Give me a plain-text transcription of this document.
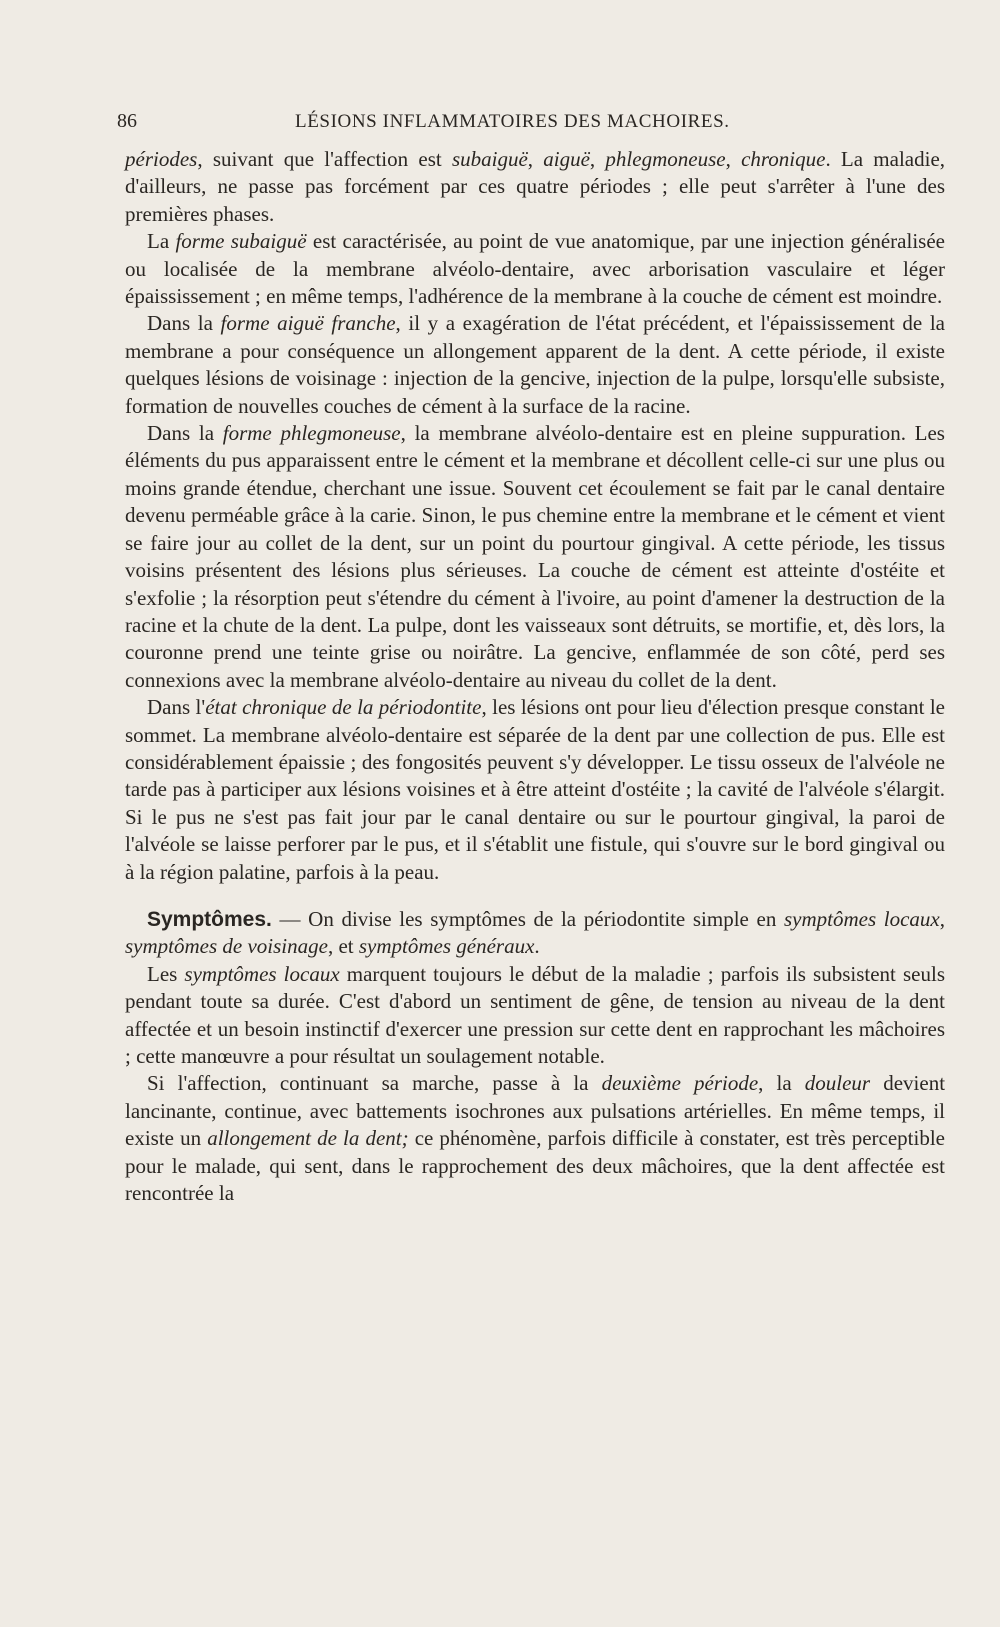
86	LÉSIONS INFLAMMATOIRES DES MACHOIRES.

périodes, suivant que l'affection est subaiguë, aiguë, phlegmoneuse, chronique. La maladie, d'ailleurs, ne passe pas forcément par ces quatre périodes ; elle peut s'arrêter à l'une des premières phases.

La forme subaiguë est caractérisée, au point de vue anatomique, par une injection généralisée ou localisée de la membrane alvéolo-dentaire, avec arborisation vasculaire et léger épaississement ; en même temps, l'adhérence de la membrane à la couche de cément est moindre.

Dans la forme aiguë franche, il y a exagération de l'état précédent, et l'épaississement de la membrane a pour conséquence un allongement apparent de la dent. A cette période, il existe quelques lésions de voisinage : injection de la gencive, injection de la pulpe, lorsqu'elle subsiste, formation de nouvelles couches de cément à la surface de la racine.

Dans la forme phlegmoneuse, la membrane alvéolo-dentaire est en pleine suppuration. Les éléments du pus apparaissent entre le cément et la membrane et décollent celle-ci sur une plus ou moins grande étendue, cherchant une issue. Souvent cet écoulement se fait par le canal dentaire devenu perméable grâce à la carie. Sinon, le pus chemine entre la membrane et le cément et vient se faire jour au collet de la dent, sur un point du pourtour gingival. A cette période, les tissus voisins présentent des lésions plus sérieuses. La couche de cément est atteinte d'ostéite et s'exfolie ; la résorption peut s'étendre du cément à l'ivoire, au point d'amener la destruction de la racine et la chute de la dent. La pulpe, dont les vaisseaux sont détruits, se mortifie, et, dès lors, la couronne prend une teinte grise ou noirâtre. La gencive, enflammée de son côté, perd ses connexions avec la membrane alvéolo-dentaire au niveau du collet de la dent.

Dans l'état chronique de la périodontite, les lésions ont pour lieu d'élection presque constant le sommet. La membrane alvéolo-dentaire est séparée de la dent par une collection de pus. Elle est considérablement épaissie ; des fongosités peuvent s'y développer. Le tissu osseux de l'alvéole ne tarde pas à participer aux lésions voisines et à être atteint d'ostéite ; la cavité de l'alvéole s'élargit. Si le pus ne s'est pas fait jour par le canal dentaire ou sur le pourtour gingival, la paroi de l'alvéole se laisse perforer par le pus, et il s'établit une fistule, qui s'ouvre sur le bord gingival ou à la région palatine, parfois à la peau.

Symptômes. — On divise les symptômes de la périodontite simple en symptômes locaux, symptômes de voisinage, et symptômes généraux.

Les symptômes locaux marquent toujours le début de la maladie ; parfois ils subsistent seuls pendant toute sa durée. C'est d'abord un sentiment de gêne, de tension au niveau de la dent affectée et un besoin instinctif d'exercer une pression sur cette dent en rapprochant les mâchoires ; cette manœuvre a pour résultat un soulagement notable.

Si l'affection, continuant sa marche, passe à la deuxième période, la douleur devient lancinante, continue, avec battements isochrones aux pulsations artérielles. En même temps, il existe un allongement de la dent; ce phénomène, parfois difficile à constater, est très perceptible pour le malade, qui sent, dans le rapprochement des deux mâchoires, que la dent affectée est rencontrée la
